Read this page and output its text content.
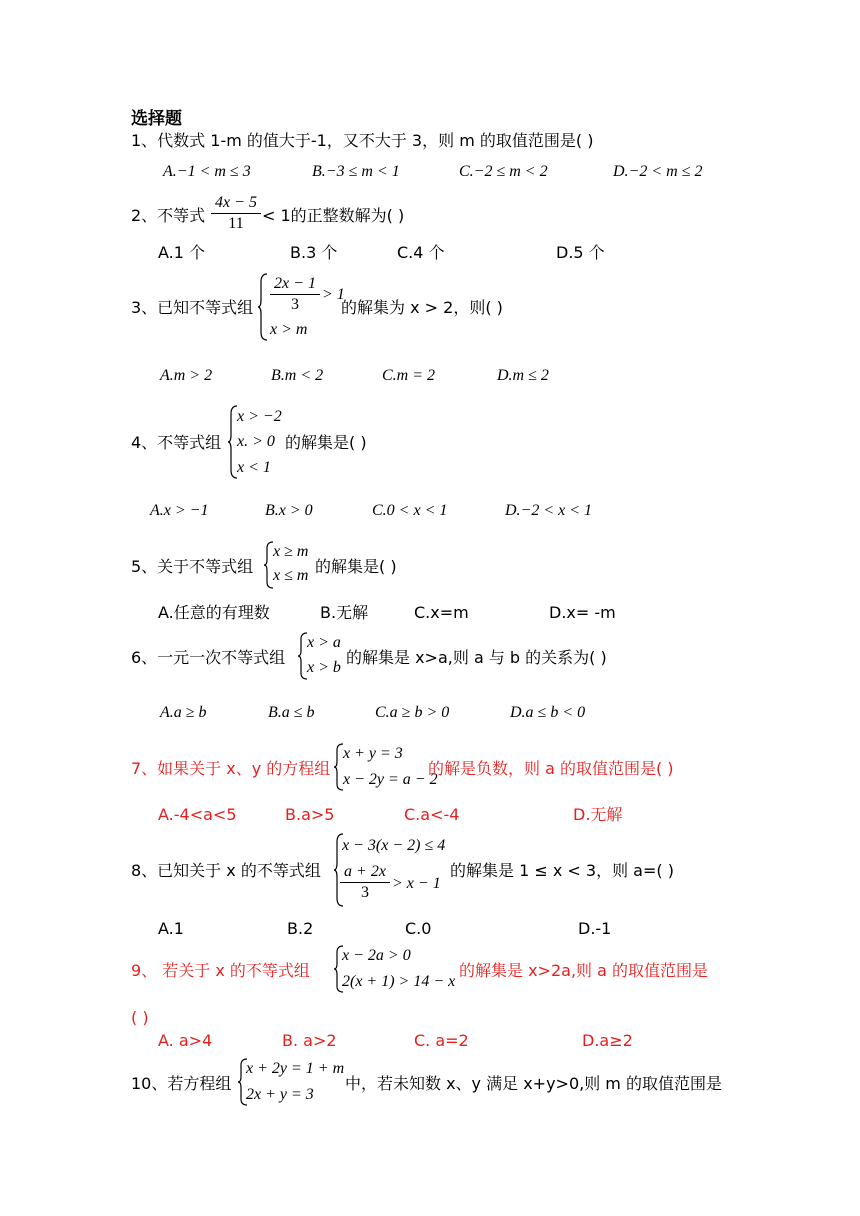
选择题
1、代数式 1-m 的值大于-1，又不大于 3，则 m 的取值范围是( )
A.−1 < m ≤ 3	B.−3 ≤ m < 1	C.−2 ≤ m < 2	D.−2 < m ≤ 2
2、不等式 $\frac{4x - 5}{11} < 1$的正整数解为( )
A.1 个	B.3 个	C.4 个	D.5 个
3、已知不等式组 $\frac{2x - 1}{3} > 1$
x > m
的解集为 x > 2，则( )
A.m > 2	B.m < 2	C.m = 2	D.m ≤ 2
4、不等式组
x > −2
x. > 0
x < 1
的解集是( )
A.x > −1	B.x > 0	C.0 < x < 1	D.−2 < x < 1
5、关于不等式组
x ≥ m
x ≤ m 的解集是( )
A.任意的有理数	B.无解	C.x=m	D.x= -m
6、一元一次不等式组
x > a
x > b
的解集是 x>a,则 a 与 b 的关系为( )
A.a ≥ b	B.a ≤ b	C.a ≥ b > 0	D.a ≤ b < 0
7、如果关于 x、y 的方程组
x + y = 3
x − 2y = a − 2
的解是负数，则 a 的取值范围是( )
A.-4<a<5	B.a>5	C.a<-4	D.无解
8、已知关于 x 的不等式组
x − 3(x − 2) ≤ 4
$\frac{a + 2x}{3} > x - 1$
的解集是 1 ≤ x < 3，则 a=( )
A.1	B.2	C.0	D.-1
9、 若关于 x 的不等式组
x − 2a > 0
2(x + 1) > 14 − x
的解集是 x>2a,则 a 的取值范围是
( )
A. a>4	B. a>2	C. a=2	D.a≥2
10、若方程组
x + 2y = 1 + m
2x + y = 3
中，若未知数 x、y 满足 x+y>0,则 m 的取值范围是
